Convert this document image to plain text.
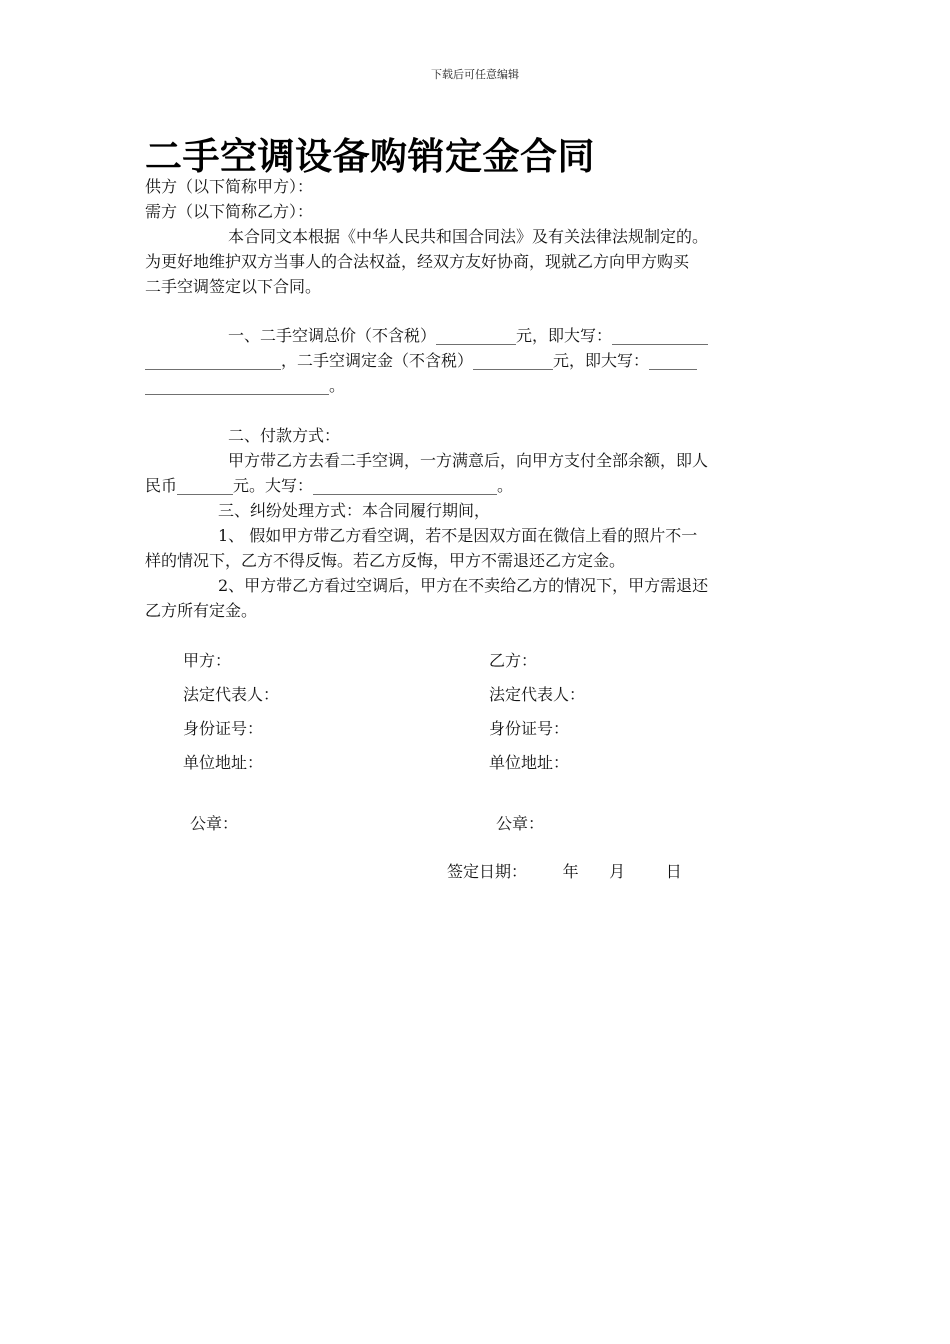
下载后可任意编辑
二手空调设备购销定金合同
供方（以下简称甲方）：
需方（以下简称乙方）：
本合同文本根据《中华人民共和国合同法》及有关法律法规制定的。
为更好地维护双方当事人的合法权益，经双方友好协商，现就乙方向甲方购买
二手空调签定以下合同。
一、二手空调总价（不含税）__________元，即大写：____________
_________________，二手空调定金（不含税）__________元，即大写：______
_______________________。
二、付款方式：
甲方带乙方去看二手空调，一方满意后，向甲方支付全部余额，即人
民币_______元。大写：_______________________。
三、纠纷处理方式：本合同履行期间，
1、 假如甲方带乙方看空调，若不是因双方面在微信上看的照片不一
样的情况下，乙方不得反悔。若乙方反悔，甲方不需退还乙方定金。
2、甲方带乙方看过空调后，甲方在不卖给乙方的情况下，甲方需退还
乙方所有定金。
甲方：
法定代表人：
身份证号：
单位地址：
乙方：
法定代表人：
身份证号：
单位地址：
公章：	公章：
签定日期：       年      月        日
